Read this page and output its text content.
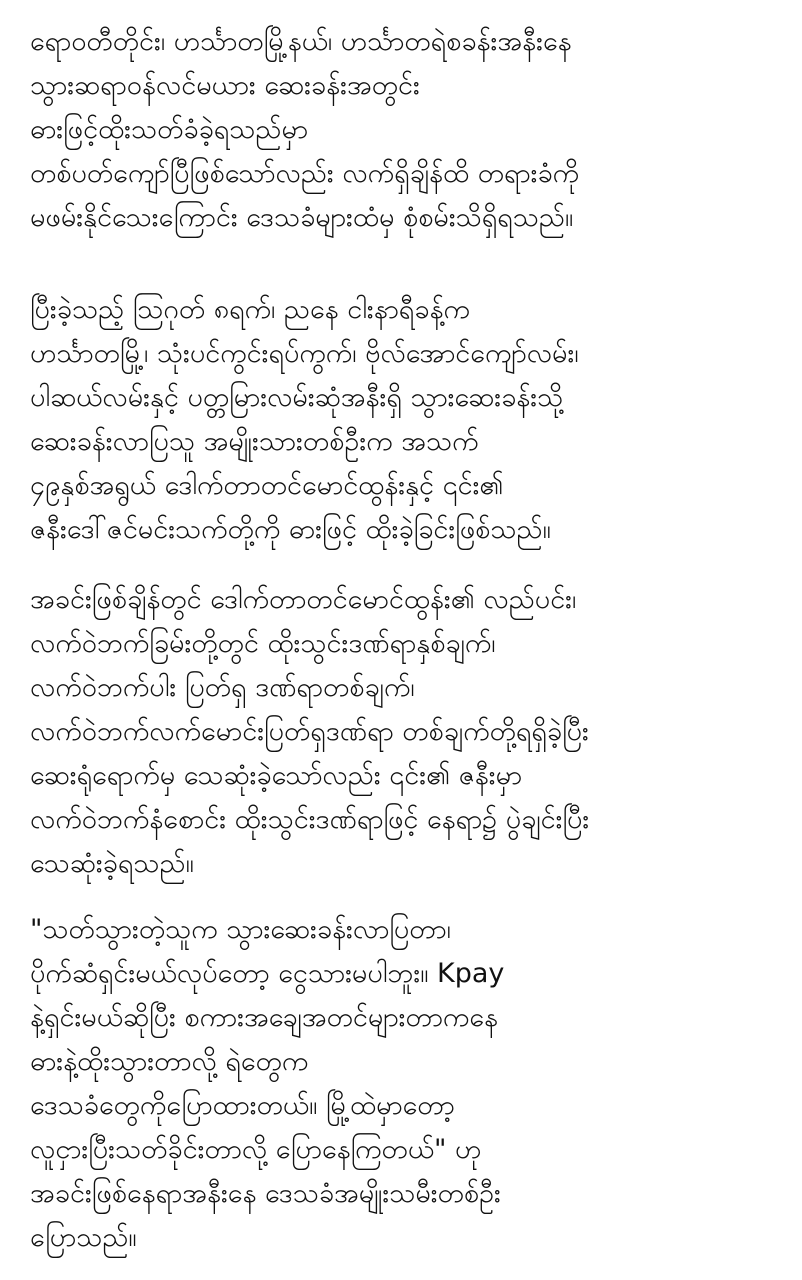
ရောဝတီတိုင်း၊ ဟင်္သာတမြို့နယ်၊ ဟင်္သာတရဲစခန်းအနီးနေ
သွားဆရာဝန်လင်မယား ဆေးခန်းအတွင်း
ဓားဖြင့်ထိုးသတ်ခံခဲ့ရသည်မှာ
တစ်ပတ်ကျော်ပြီဖြစ်သော်လည်း လက်ရှိချိန်ထိ တရားခံကို
မဖမ်းနိုင်သေးကြောင်း ဒေသခံများထံမှ စုံစမ်းသိရှိရသည်။
ပြီးခဲ့သည့် ဩဂုတ် ၈ရက်၊ ညနေ ငါးနာရီခန့်က
ဟင်္သာတမြို့၊ သုံးပင်ကွင်းရပ်ကွက်၊ ဗိုလ်အောင်ကျော်လမ်း၊
ပါဆယ်လမ်းနှင့် ပတ္တမြားလမ်းဆုံအနီးရှိ သွားဆေးခန်းသို့
ဆေးခန်းလာပြသူ အမျိုးသားတစ်ဦးက အသက်
၄၉နှစ်အရွယ် ဒေါက်တာတင်မောင်ထွန်းနှင့် ၎င်း၏
ဇနီးဒေါ်ဇင်မင်းသက်တို့ကို ဓားဖြင့် ထိုးခဲ့ခြင်းဖြစ်သည်။
အခင်းဖြစ်ချိန်တွင် ဒေါက်တာတင်မောင်ထွန်း၏ လည်ပင်း၊
လက်ဝဲဘက်ခြမ်းတို့တွင် ထိုးသွင်းဒဏ်ရာနှစ်ချက်၊
လက်ဝဲဘက်ပါး ပြတ်ရှ ဒဏ်ရာတစ်ချက်၊
လက်ဝဲဘက်လက်မောင်းပြတ်ရှဒဏ်ရာ တစ်ချက်တို့ရရှိခဲ့ပြီး
ဆေးရုံရောက်မှ သေဆုံးခဲ့သော်လည်း ၎င်း၏ ဇနီးမှာ
လက်ဝဲဘက်နံစောင်း ထိုးသွင်းဒဏ်ရာဖြင့် နေရာ၌ ပွဲချင်းပြီး
သေဆုံးခဲ့ရသည်။
"သတ်သွားတဲ့သူက သွားဆေးခန်းလာပြတာ၊
ပိုက်ဆံရှင်းမယ်လုပ်တော့ ငွေသားမပါဘူး။ Kpay
နဲ့ရှင်းမယ်ဆိုပြီး စကားအချေအတင်များတာကနေ
ဓားနဲ့ထိုးသွားတာလို့ ရဲတွေက
ဒေသခံတွေကိုပြောထားတယ်။ မြို့ထဲမှာတော့
လူငှားပြီးသတ်ခိုင်းတာလို့ ပြောနေကြတယ်" ဟု
အခင်းဖြစ်နေရာအနီးနေ ဒေသခံအမျိုးသမီးတစ်ဦး
ပြောသည်။
